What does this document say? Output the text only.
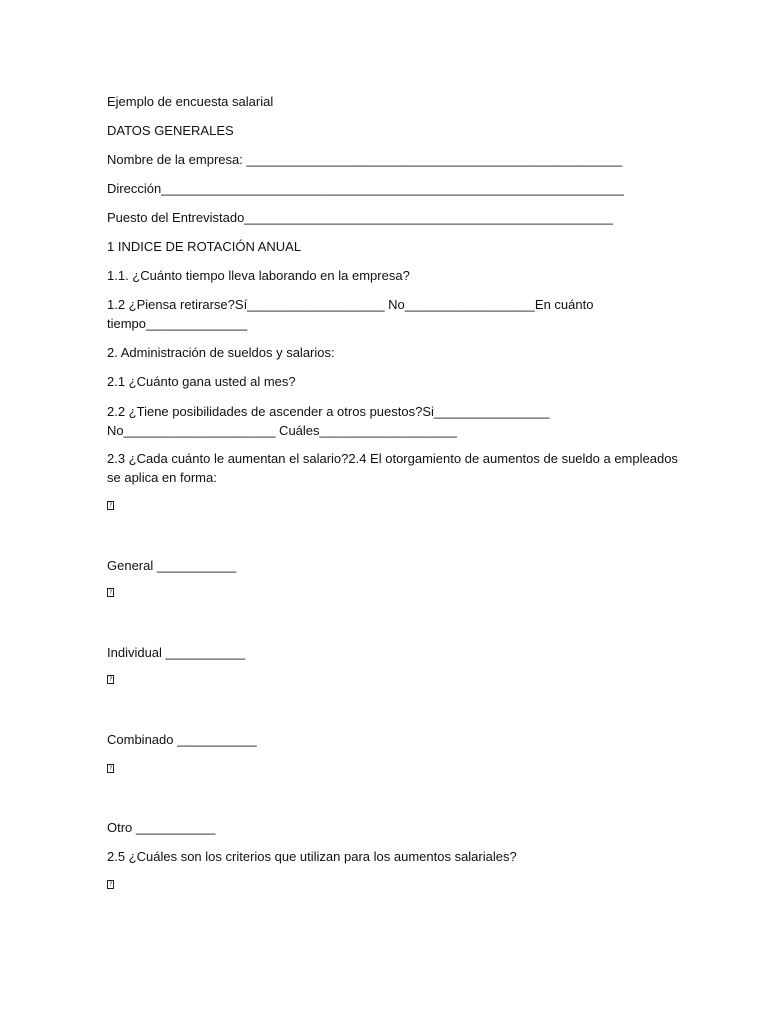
Ejemplo de encuesta salarial
DATOS GENERALES
Nombre de la empresa: ____________________________________________________
Dirección________________________________________________________________
Puesto del Entrevistado___________________________________________________
1 INDICE DE ROTACIÓN ANUAL
1.1. ¿Cuánto tiempo lleva laborando en la empresa?
1.2 ¿Piensa retirarse?Sí___________________ No__________________En cuánto
tiempo______________
2. Administración de sueldos y salarios:
2.1 ¿Cuánto gana usted al mes?
2.2 ¿Tiene posibilidades de ascender a otros puestos?Si________________
No_____________________ Cuáles___________________
2.3 ¿Cada cuánto le aumentan el salario?2.4 El otorgamiento de aumentos de sueldo a empleados
se aplica en forma:
?
General ___________
?
Individual ___________
?
Combinado ___________
?
Otro ___________
2.5 ¿Cuáles son los criterios que utilizan para los aumentos salariales?
?
